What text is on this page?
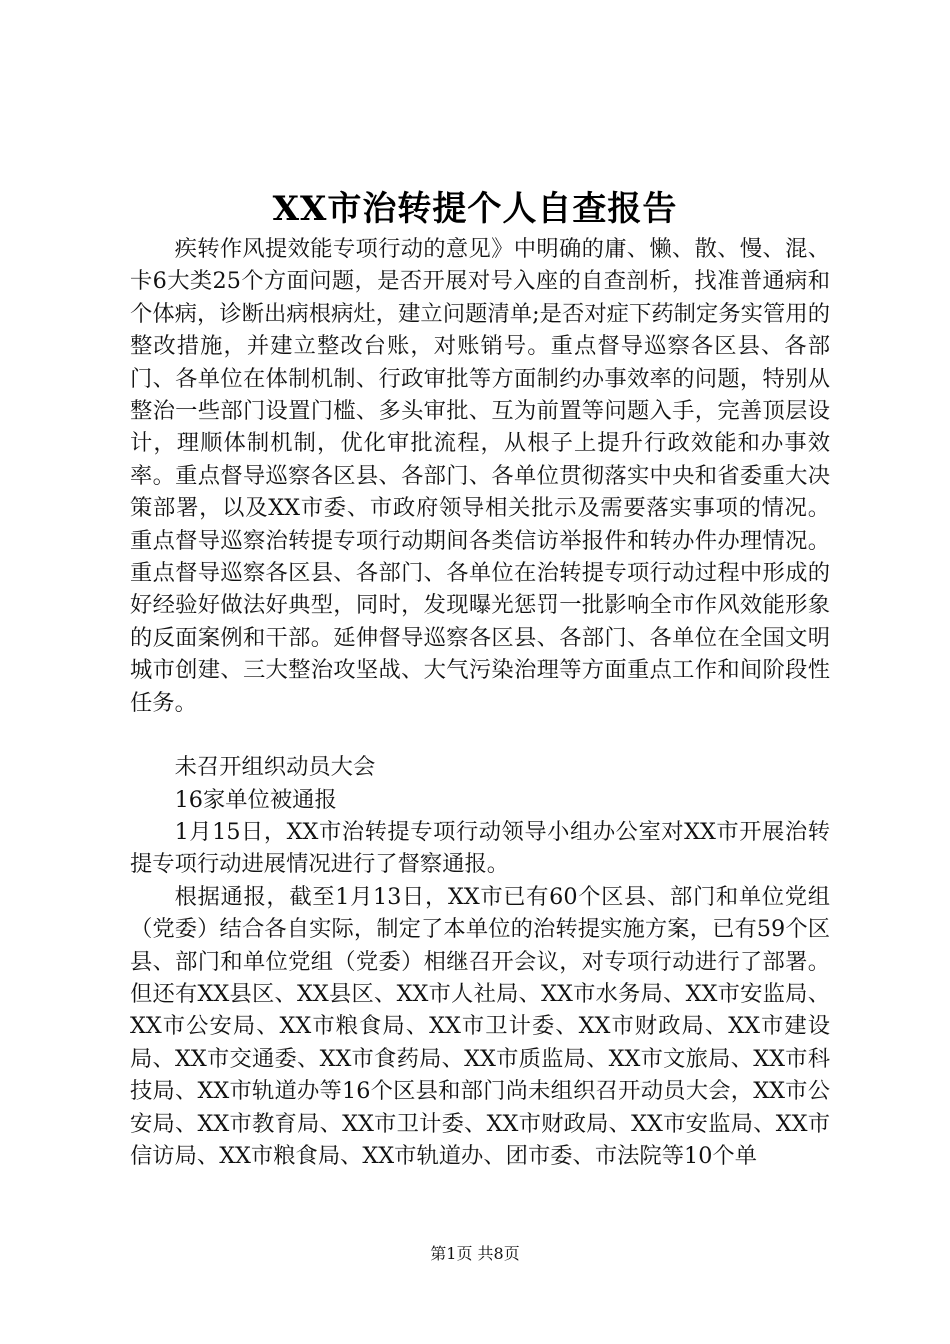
XX市治转提个人自查报告

疾转作风提效能专项行动的意见》中明确的庸、懒、散、慢、混、卡6大类25个方面问题，是否开展对号入座的自查剖析，找准普通病和个体病，诊断出病根病灶，建立问题清单;是否对症下药制定务实管用的整改措施，并建立整改台账，对账销号。重点督导巡察各区县、各部门、各单位在体制机制、行政审批等方面制约办事效率的问题，特别从整治一些部门设置门槛、多头审批、互为前置等问题入手，完善顶层设计，理顺体制机制，优化审批流程，从根子上提升行政效能和办事效率。重点督导巡察各区县、各部门、各单位贯彻落实中央和省委重大决策部署，以及XX市委、市政府领导相关批示及需要落实事项的情况。重点督导巡察治转提专项行动期间各类信访举报件和转办件办理情况。重点督导巡察各区县、各部门、各单位在治转提专项行动过程中形成的好经验好做法好典型，同时，发现曝光惩罚一批影响全市作风效能形象的反面案例和干部。延伸督导巡察各区县、各部门、各单位在全国文明城市创建、三大整治攻坚战、大气污染治理等方面重点工作和间阶段性任务。

未召开组织动员大会

16家单位被通报

1月15日，XX市治转提专项行动领导小组办公室对XX市开展治转提专项行动进展情况进行了督察通报。

根据通报，截至1月13日，XX市已有60个区县、部门和单位党组（党委）结合各自实际，制定了本单位的治转提实施方案，已有59个区县、部门和单位党组（党委）相继召开会议，对专项行动进行了部署。但还有XX县区、XX县区、XX市人社局、XX市水务局、XX市安监局、XX市公安局、XX市粮食局、XX市卫计委、XX市财政局、XX市建设局、XX市交通委、XX市食药局、XX市质监局、XX市文旅局、XX市科技局、XX市轨道办等16个区县和部门尚未组织召开动员大会，XX市公安局、XX市教育局、XX市卫计委、XX市财政局、XX市安监局、XX市信访局、XX市粮食局、XX市轨道办、团市委、市法院等10个单

第1页 共8页
